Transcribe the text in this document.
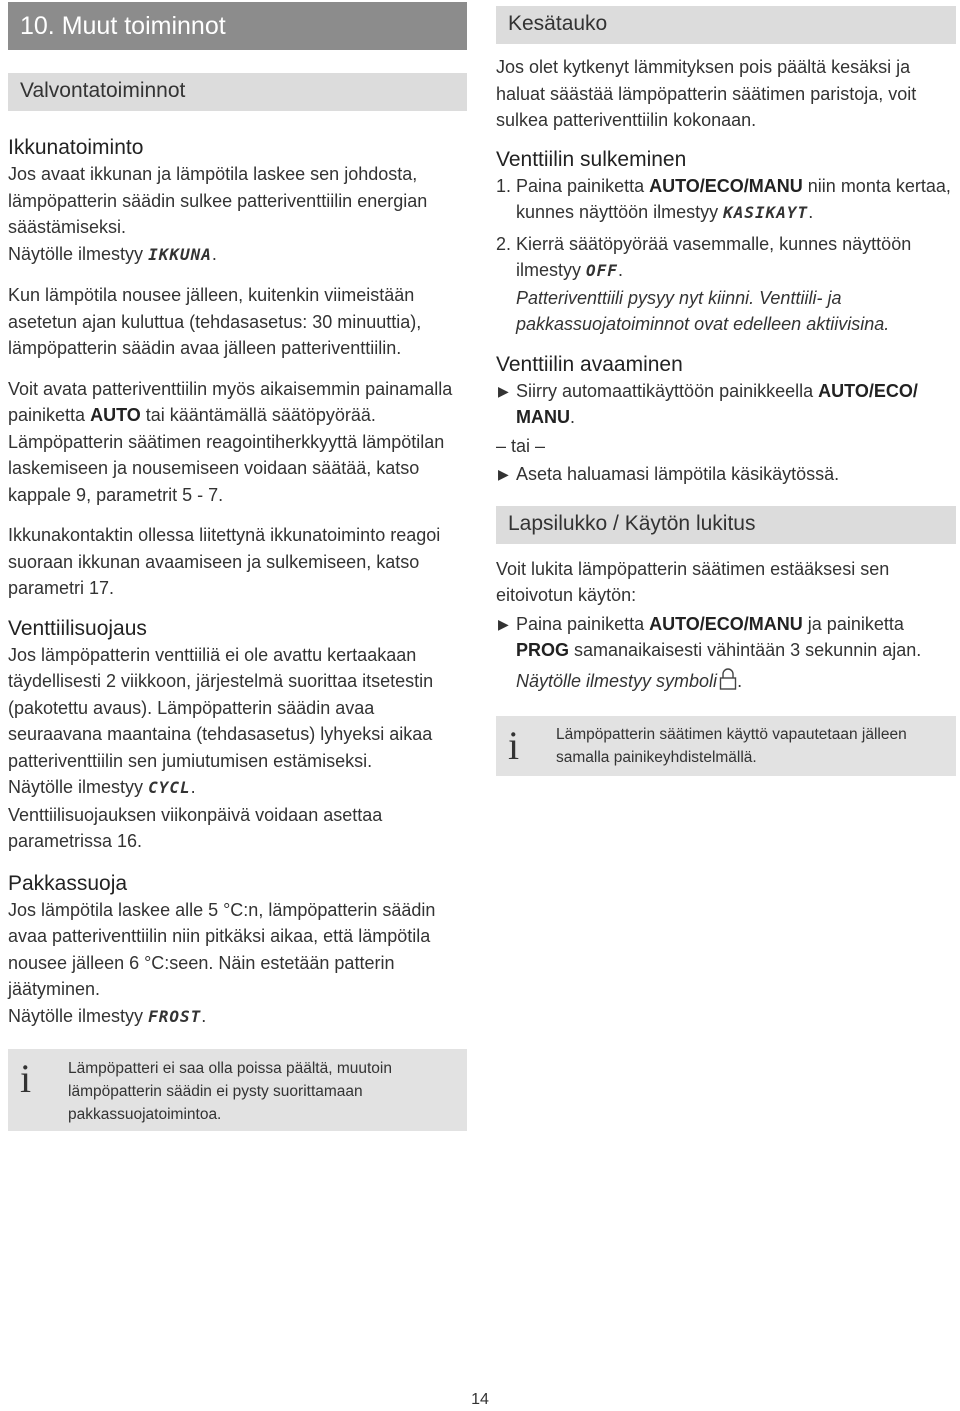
10. Muut toiminnot
Valvontatoiminnot
Ikkunatoiminto

Jos avaat ikkunan ja lämpötila laskee sen johdosta, lämpöpatterin säädin sulkee patteriventtiilin energian säästämiseksi.
Näytölle ilmestyy IKKUNA.

Kun lämpötila nousee jälleen, kuitenkin viimeistään asetetun ajan kuluttua (tehdasasetus: 30 minuuttia), lämpöpatterin säädin avaa jälleen patteriventtiilin.

Voit avata patteriventtiilin myös aikaisemmin painamalla painiketta AUTO tai kääntämällä säätöpyörää. Lämpöpatterin säätimen reagointiherkkyyttä lämpötilan laskemiseen ja nousemiseen voidaan säätää, katso kappale 9, parametrit 5 - 7.

Ikkunakontaktin ollessa liitettynä ikkunatoiminto reagoi suoraan ikkunan avaamiseen ja sulkemiseen, katso parametri 17.

Venttiilisuojaus

Jos lämpöpatterin venttiiliä ei ole avattu kertaakaan täydellisesti 2 viikkoon, järjestelmä suorittaa itsetestin (pakotettu avaus). Lämpöpatterin säädin avaa seuraavana maantaina (tehdasasetus) lyhyeksi aikaa patteriventtiilin sen jumiutumisen estämiseksi.
Näytölle ilmestyy CYCL.
Venttiilisuojauksen viikonpäivä voidaan asettaa parametrissa 16.

Pakkassuoja

Jos lämpötila laskee alle 5 °C:n, lämpöpatterin säädin avaa patteriventtiilin niin pitkäksi aikaa, että lämpötila nousee jälleen 6 °C:seen. Näin estetään patterin jäätyminen.
Näytölle ilmestyy FROST.

i Lämpöpatteri ei saa olla poissa päältä, muutoin lämpöpatterin säädin ei pysty suorittamaan pakkassuojatoimintoa.
Kesätauko

Jos olet kytkenyt lämmityksen pois päältä kesäksi ja haluat säästää lämpöpatterin säätimen paristoja, voit sulkea patteriventtiilin kokonaan.

Venttiilin sulkeminen

1. Paina painiketta AUTO/ECO/MANU niin monta kertaa, kunnes näyttöön ilmestyy KASIKAYT.

2. Kierrä säätöpyörää vasemmalle, kunnes näyttöön ilmestyy OFF.

Patteriventtiili pysyy nyt kiinni. Venttiili- ja pakkassuojatoiminnot ovat edelleen aktiivisina.

Venttiilin avaaminen

▶ Siirry automaattikäyttöön painikkeella AUTO/ECO/ MANU.

– tai –

▶ Aseta haluamasi lämpötila käsikäytössä.

Lapsilukko / Käytön lukitus

Voit lukita lämpöpatterin säätimen estääksesi sen eitoivotun käytön:

▶ Paina painiketta AUTO/ECO/MANU ja painiketta PROG samanaikaisesti vähintään 3 sekunnin ajan.

Näytölle ilmestyy symboli .

i Lämpöpatterin säätimen käyttö vapautetaan jälleen samalla painikeyhdistelmällä.
14
